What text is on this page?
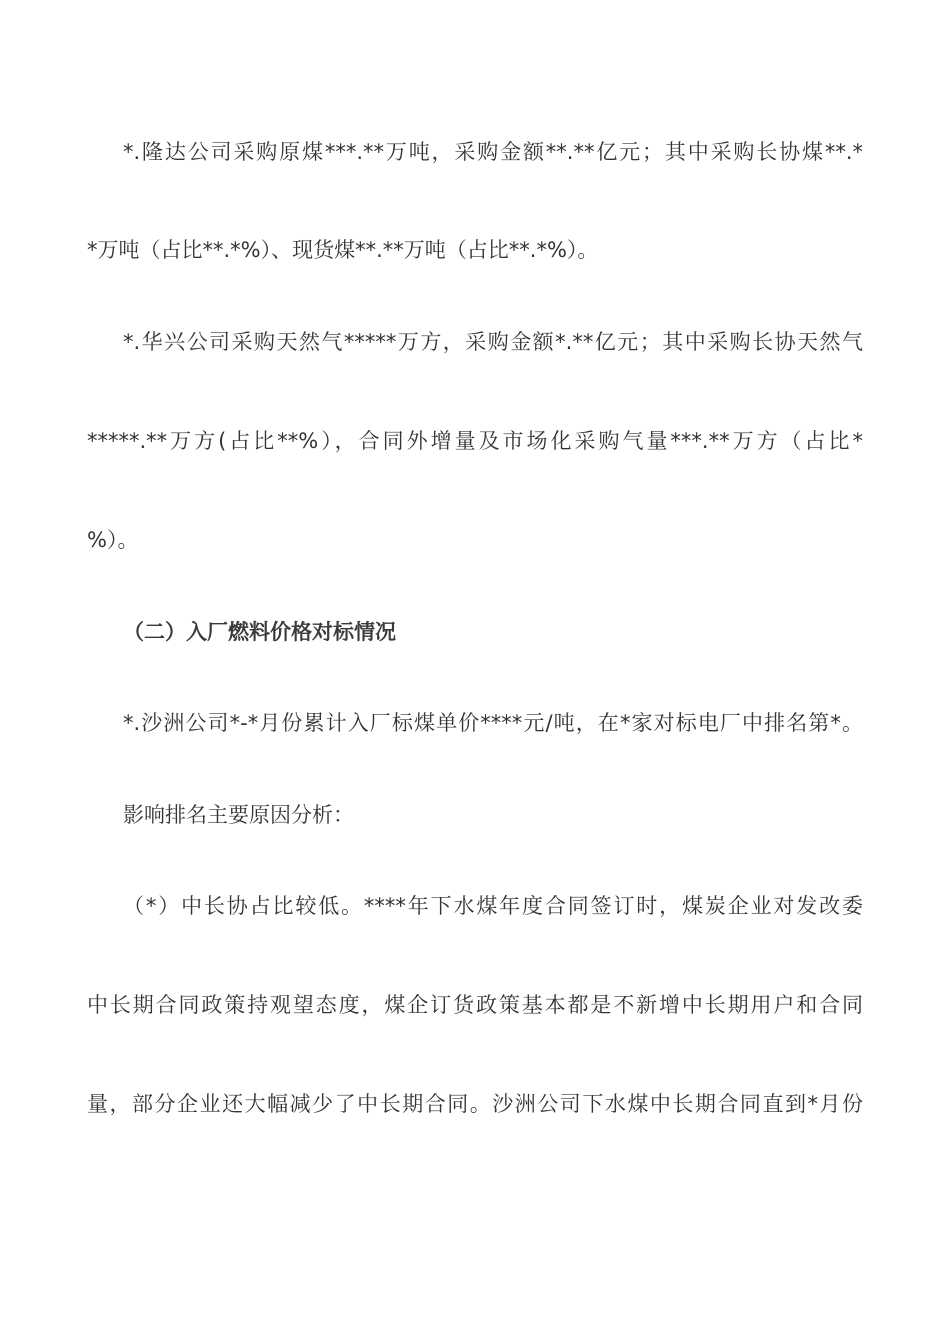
*.隆达公司采购原煤***.**万吨，采购金额**.**亿元；其中采购长协煤**.*
*万吨（占比**.*%）、现货煤**.**万吨（占比**.*%）。
*.华兴公司采购天然气*****万方，采购金额*.**亿元；其中采购长协天然气
*****.**万方(占比**%），合同外增量及市场化采购气量***.**万方（占比*
%）。
（二）入厂燃料价格对标情况
*.沙洲公司*-*月份累计入厂标煤单价****元/吨，在*家对标电厂中排名第*。
影响排名主要原因分析：
（*）中长协占比较低。****年下水煤年度合同签订时，煤炭企业对发改委
中长期合同政策持观望态度，煤企订货政策基本都是不新增中长期用户和合同
量，部分企业还大幅减少了中长期合同。沙洲公司下水煤中长期合同直到*月份
